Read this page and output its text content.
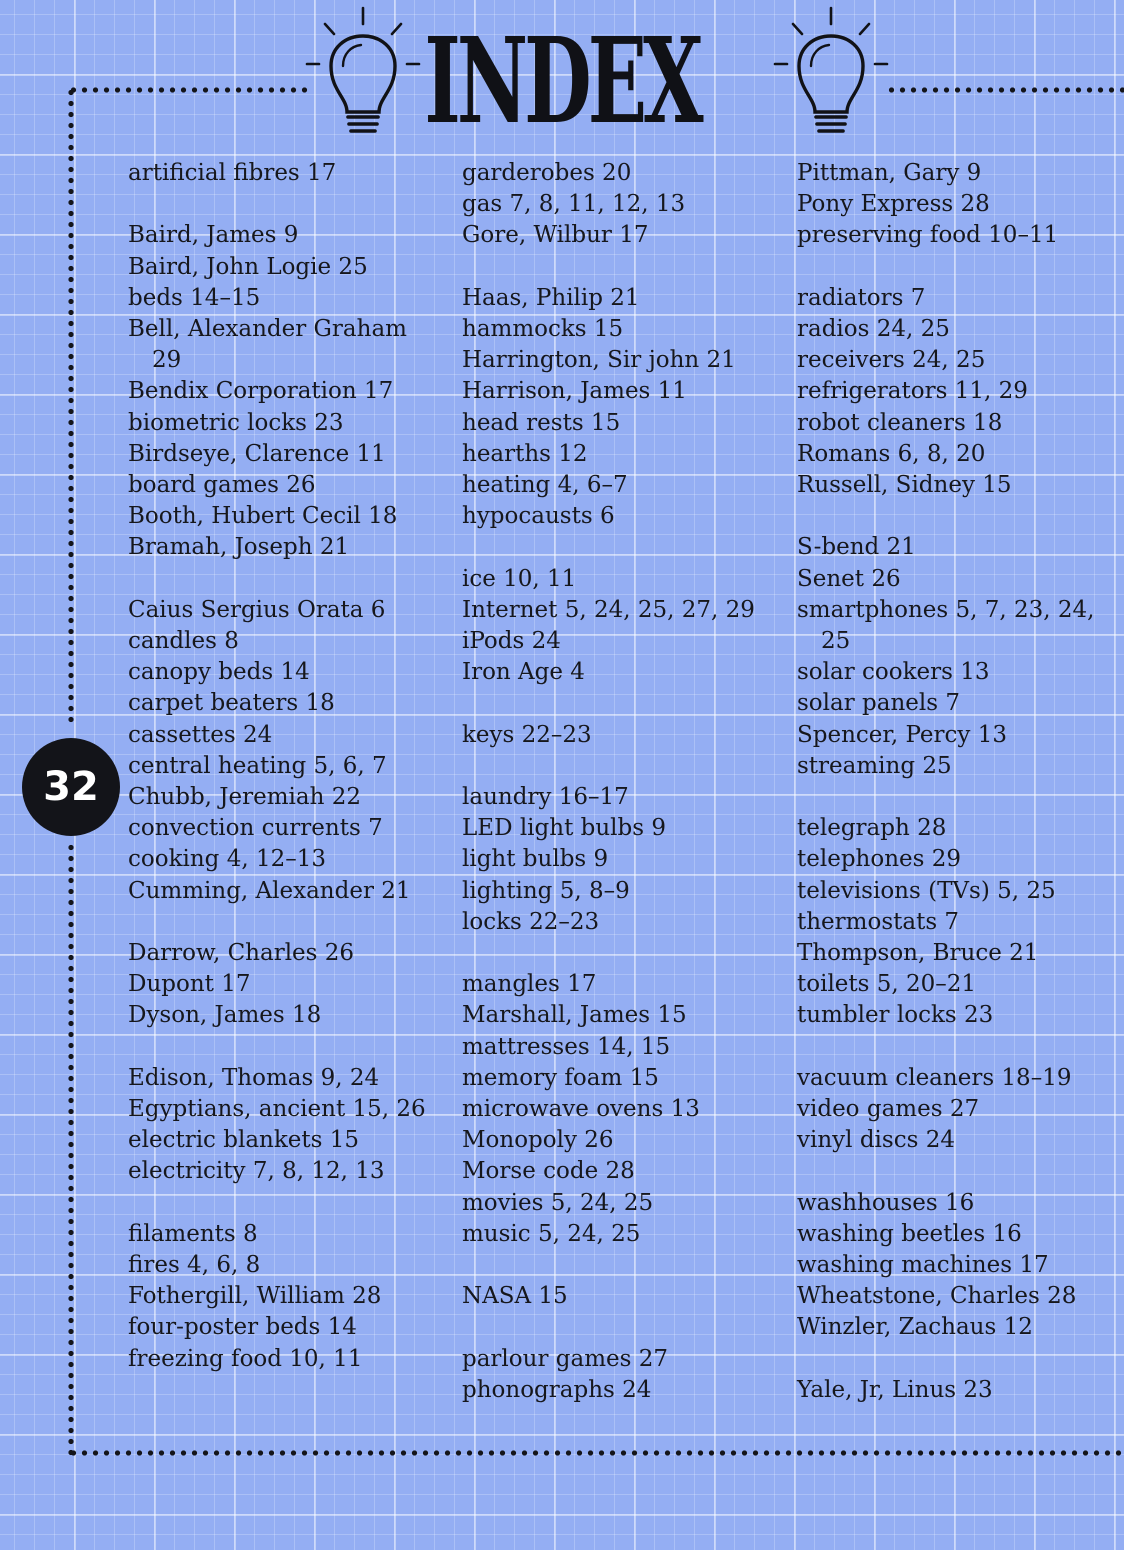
INDEX
artificial fibres 17
Baird, James 9
Baird, John Logie 25
beds 14–15
Bell, Alexander Graham
29
Bendix Corporation 17
biometric locks 23
Birdseye, Clarence 11
board games 26
Booth, Hubert Cecil 18
Bramah, Joseph 21
Caius Sergius Orata 6
candles 8
canopy beds 14
carpet beaters 18
cassettes 24
central heating 5, 6, 7
Chubb, Jeremiah 22
convection currents 7
cooking 4, 12–13
Cumming, Alexander 21
Darrow, Charles 26
Dupont 17
Dyson, James 18
Edison, Thomas 9, 24
Egyptians, ancient 15, 26
electric blankets 15
electricity 7, 8, 12, 13
filaments 8
fires 4, 6, 8
Fothergill, William 28
four-poster beds 14
freezing food 10, 11
garderobes 20
gas 7, 8, 11, 12, 13
Gore, Wilbur 17
Haas, Philip 21
hammocks 15
Harrington, Sir john 21
Harrison, James 11
head rests 15
hearths 12
heating 4, 6–7
hypocausts 6
ice 10, 11
Internet 5, 24, 25, 27, 29
iPods 24
Iron Age 4
keys 22–23
laundry 16–17
LED light bulbs 9
light bulbs 9
lighting 5, 8–9
locks 22–23
mangles 17
Marshall, James 15
mattresses 14, 15
memory foam 15
microwave ovens 13
Monopoly 26
Morse code 28
movies 5, 24, 25
music 5, 24, 25
NASA 15
parlour games 27
phonographs 24
Pittman, Gary 9
Pony Express 28
preserving food 10–11
radiators 7
radios 24, 25
receivers 24, 25
refrigerators 11, 29
robot cleaners 18
Romans 6, 8, 20
Russell, Sidney 15
S-bend 21
Senet 26
smartphones 5, 7, 23, 24,
25
solar cookers 13
solar panels 7
Spencer, Percy 13
streaming 25
telegraph 28
telephones 29
televisions (TVs) 5, 25
thermostats 7
Thompson, Bruce 21
toilets 5, 20–21
tumbler locks 23
vacuum cleaners 18–19
video games 27
vinyl discs 24
washhouses 16
washing beetles 16
washing machines 17
Wheatstone, Charles 28
Winzler, Zachaus 12
Yale, Jr, Linus 23
32
